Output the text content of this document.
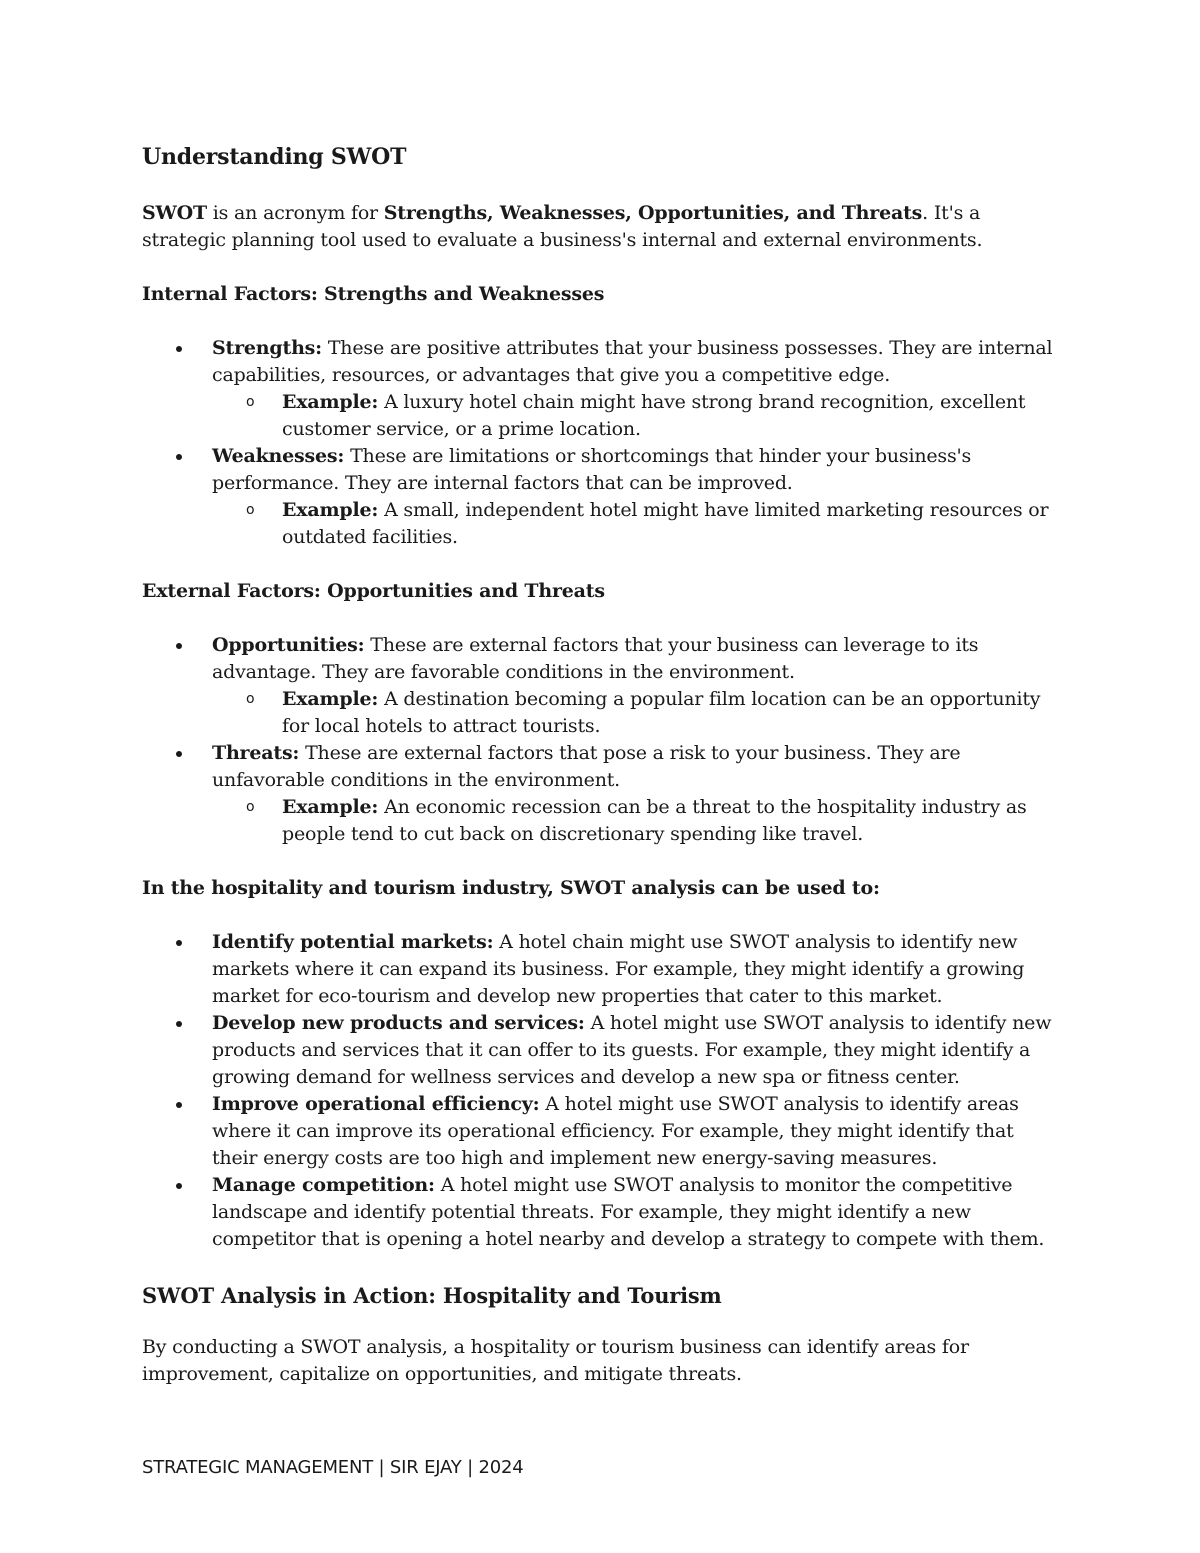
Understanding SWOT

SWOT is an acronym for Strengths, Weaknesses, Opportunities, and Threats. It's a strategic planning tool used to evaluate a business's internal and external environments.

Internal Factors: Strengths and Weaknesses
Strengths: These are positive attributes that your business possesses. They are internal capabilities, resources, or advantages that give you a competitive edge.
o Example: A luxury hotel chain might have strong brand recognition, excellent customer service, or a prime location.
Weaknesses: These are limitations or shortcomings that hinder your business's performance. They are internal factors that can be improved.
o Example: A small, independent hotel might have limited marketing resources or outdated facilities.
External Factors: Opportunities and Threats
Opportunities: These are external factors that your business can leverage to its advantage. They are favorable conditions in the environment.
o Example: A destination becoming a popular film location can be an opportunity for local hotels to attract tourists.
Threats: These are external factors that pose a risk to your business. They are unfavorable conditions in the environment.
o Example: An economic recession can be a threat to the hospitality industry as people tend to cut back on discretionary spending like travel.
In the hospitality and tourism industry, SWOT analysis can be used to:
Identify potential markets: A hotel chain might use SWOT analysis to identify new markets where it can expand its business. For example, they might identify a growing market for eco-tourism and develop new properties that cater to this market.
Develop new products and services: A hotel might use SWOT analysis to identify new products and services that it can offer to its guests. For example, they might identify a growing demand for wellness services and develop a new spa or fitness center.
Improve operational efficiency: A hotel might use SWOT analysis to identify areas where it can improve its operational efficiency. For example, they might identify that their energy costs are too high and implement new energy-saving measures.
Manage competition: A hotel might use SWOT analysis to monitor the competitive landscape and identify potential threats. For example, they might identify a new competitor that is opening a hotel nearby and develop a strategy to compete with them.
SWOT Analysis in Action: Hospitality and Tourism

By conducting a SWOT analysis, a hospitality or tourism business can identify areas for improvement, capitalize on opportunities, and mitigate threats.

STRATEGIC MANAGEMENT | SIR EJAY | 2024
